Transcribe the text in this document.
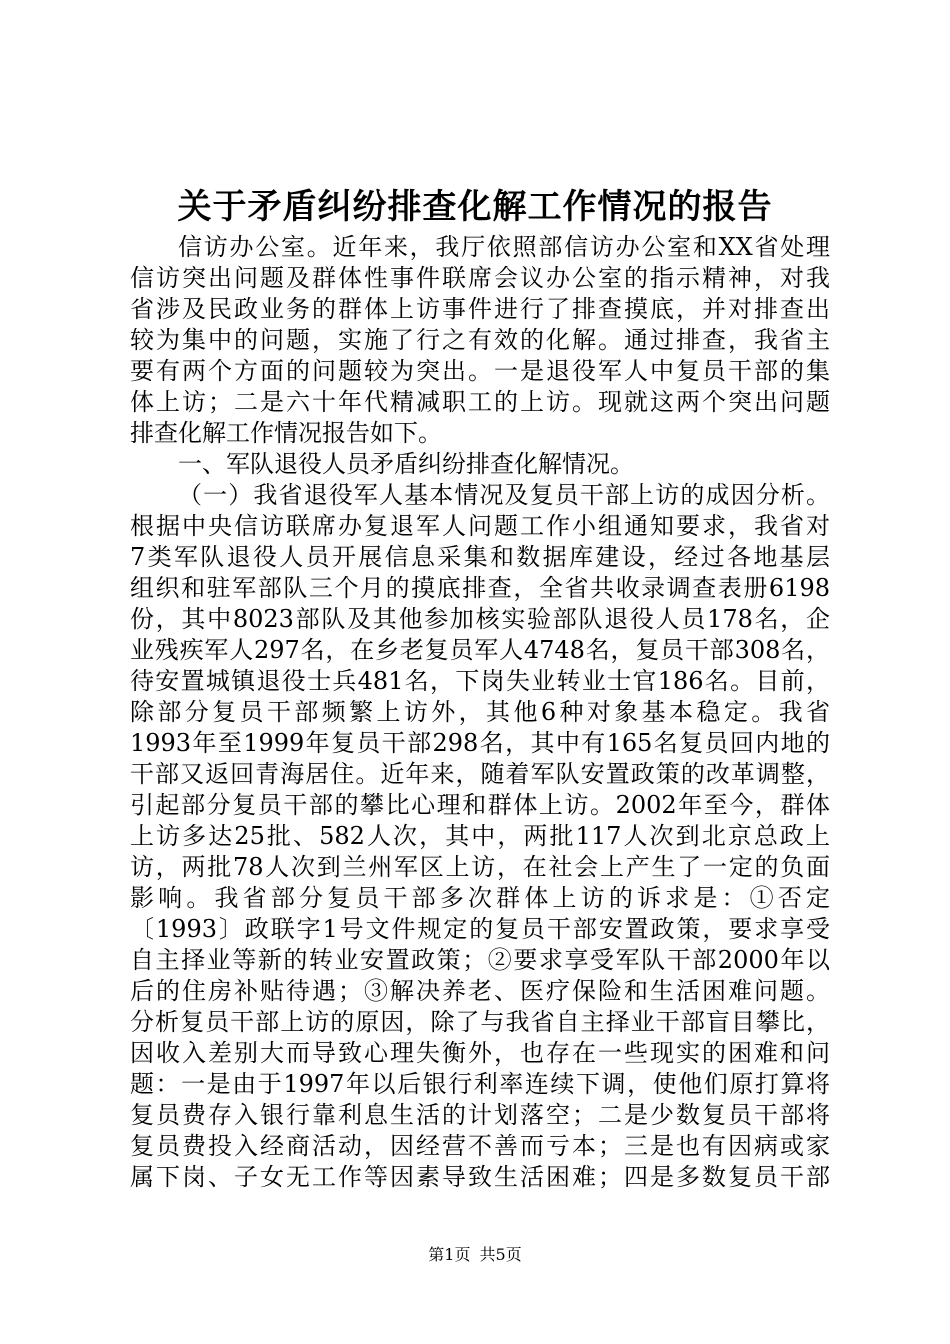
关于矛盾纠纷排查化解工作情况的报告
信访办公室。近年来，我厅依照部信访办公室和XX省处理
信访突出问题及群体性事件联席会议办公室的指示精神，对我
省涉及民政业务的群体上访事件进行了排查摸底，并对排查出
较为集中的问题，实施了行之有效的化解。通过排查，我省主
要有两个方面的问题较为突出。一是退役军人中复员干部的集
体上访；二是六十年代精减职工的上访。现就这两个突出问题
排查化解工作情况报告如下。
一、军队退役人员矛盾纠纷排查化解情况。
（一）我省退役军人基本情况及复员干部上访的成因分析。
根据中央信访联席办复退军人问题工作小组通知要求，我省对
7类军队退役人员开展信息采集和数据库建设，经过各地基层
组织和驻军部队三个月的摸底排查，全省共收录调查表册6198
份，其中8023部队及其他参加核实验部队退役人员178名，企
业残疾军人297名，在乡老复员军人4748名，复员干部308名，
待安置城镇退役士兵481名，下岗失业转业士官186名。目前，
除部分复员干部频繁上访外，其他6种对象基本稳定。我省
1993年至1999年复员干部298名，其中有165名复员回内地的
干部又返回青海居住。近年来，随着军队安置政策的改革调整，
引起部分复员干部的攀比心理和群体上访。2002年至今，群体
上访多达25批、582人次，其中，两批117人次到北京总政上
访，两批78人次到兰州军区上访，在社会上产生了一定的负面
影响。我省部分复员干部多次群体上访的诉求是：①否定
〔1993〕政联字1号文件规定的复员干部安置政策，要求享受
自主择业等新的转业安置政策；②要求享受军队干部2000年以
后的住房补贴待遇；③解决养老、医疗保险和生活困难问题。
分析复员干部上访的原因，除了与我省自主择业干部盲目攀比，
因收入差别大而导致心理失衡外，也存在一些现实的困难和问
题：一是由于1997年以后银行利率连续下调，使他们原打算将
复员费存入银行靠利息生活的计划落空；二是少数复员干部将
复员费投入经商活动，因经营不善而亏本；三是也有因病或家
属下岗、子女无工作等因素导致生活困难；四是多数复员干部
第1页 共5页
